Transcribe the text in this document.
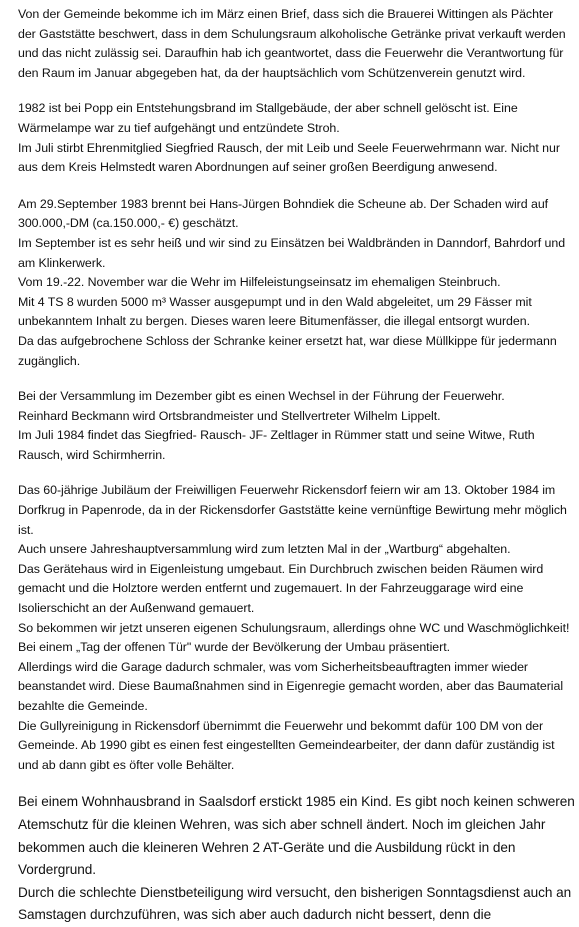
Von der Gemeinde bekomme ich im März einen Brief, dass sich die Brauerei Wittingen als Pächter
der Gaststätte beschwert, dass in dem Schulungsraum alkoholische Getränke privat verkauft werden
und das nicht zulässig sei. Daraufhin hab ich geantwortet, dass die Feuerwehr die Verantwortung für
den Raum im Januar abgegeben hat, da der hauptsächlich vom Schützenverein genutzt wird.
1982 ist bei Popp ein Entstehungsbrand im Stallgebäude, der aber schnell gelöscht ist. Eine
Wärmelampe war zu tief aufgehängt und entzündete Stroh.
Im Juli stirbt Ehrenmitglied Siegfried Rausch, der mit Leib und Seele Feuerwehrmann war. Nicht nur
aus dem Kreis Helmstedt waren Abordnungen auf seiner großen Beerdigung anwesend.
Am 29.September 1983 brennt bei Hans-Jürgen Bohndiek die Scheune ab. Der Schaden wird auf
300.000,-DM (ca.150.000,- €) geschätzt.
Im September ist es sehr heiß und wir sind zu Einsätzen bei Waldbränden in Danndorf, Bahrdorf und
am Klinkerwerk.
Vom 19.-22. November war die Wehr im Hilfeleistungseinsatz im ehemaligen Steinbruch.
Mit 4 TS 8 wurden 5000 m³ Wasser ausgepumpt und in den Wald abgeleitet, um 29 Fässer mit
unbekanntem Inhalt zu bergen. Dieses waren leere Bitumenfässer, die illegal entsorgt wurden.
Da das aufgebrochene Schloss der Schranke keiner ersetzt hat, war diese Müllkippe für jedermann
zugänglich.
Bei der Versammlung im Dezember gibt es einen Wechsel in der Führung der Feuerwehr.
Reinhard Beckmann wird Ortsbrandmeister und Stellvertreter Wilhelm Lippelt.
Im Juli 1984 findet das Siegfried- Rausch- JF- Zeltlager in Rümmer statt und seine Witwe, Ruth
Rausch, wird Schirmherrin.
Das 60-jährige Jubiläum der Freiwilligen Feuerwehr Rickensdorf feiern wir am 13. Oktober 1984 im
Dorfkrug in Papenrode, da in der Rickensdorfer Gaststätte keine vernünftige Bewirtung mehr möglich
ist.
Auch unsere Jahreshauptversammlung wird zum letzten Mal in der „Wartburg“ abgehalten.
Das Gerätehaus wird in Eigenleistung umgebaut. Ein Durchbruch zwischen beiden Räumen wird
gemacht und die Holztore werden entfernt und zugemauert. In der Fahrzeuggarage wird eine
Isolierschicht an der Außenwand gemauert.
So bekommen wir jetzt unseren eigenen Schulungsraum, allerdings ohne WC und Waschmöglichkeit!
Bei einem „Tag der offenen Tür" wurde der Bevölkerung der Umbau präsentiert.
Allerdings wird die Garage dadurch schmaler, was vom Sicherheitsbeauftragten immer wieder
beanstandet wird. Diese Baumaßnahmen sind in Eigenregie gemacht worden, aber das Baumaterial
bezahlte die Gemeinde.
Die Gullyreinigung in Rickensdorf übernimmt die Feuerwehr und bekommt dafür 100 DM von der
Gemeinde. Ab 1990 gibt es einen fest eingestellten Gemeindearbeiter, der dann dafür zuständig ist
und ab dann gibt es öfter volle Behälter.
Bei einem Wohnhausbrand in Saalsdorf erstickt 1985 ein Kind. Es gibt noch keinen schweren
Atemschutz für die kleinen Wehren, was sich aber schnell ändert. Noch im gleichen Jahr
bekommen auch die kleineren Wehren 2 AT-Geräte und die Ausbildung rückt in den
Vordergrund.
Durch die schlechte Dienstbeteiligung wird versucht, den bisherigen Sonntagsdienst auch an
Samstagen durchzuführen, was sich aber auch dadurch nicht bessert, denn die
